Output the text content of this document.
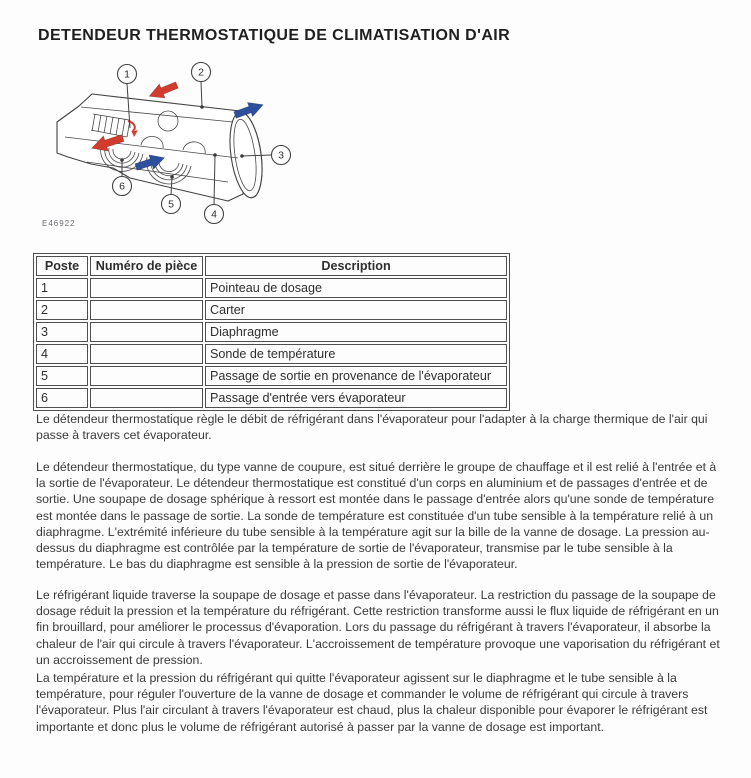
DETENDEUR THERMOSTATIQUE DE CLIMATISATION D'AIR
1	2
3
4
5
6
E46922
Poste	Numéro de pièce	Description
1		Pointeau de dosage
2		Carter
3		Diaphragme
4		Sonde de température
5		Passage de sortie en provenance de l'évaporateur
6		Passage d'entrée vers évaporateur

Le détendeur thermostatique règle le débit de réfrigérant dans l'évaporateur pour l'adapter à la charge thermique de l'air qui passe à travers cet évaporateur.

Le détendeur thermostatique, du type vanne de coupure, est situé derrière le groupe de chauffage et il est relié à l'entrée et à la sortie de l'évaporateur. Le détendeur thermostatique est constitué d'un corps en aluminium et de passages d'entrée et de sortie. Une soupape de dosage sphérique à ressort est montée dans le passage d'entrée alors qu'une sonde de température est montée dans le passage de sortie. La sonde de température est constituée d'un tube sensible à la température relié à un diaphragme. L'extrémité inférieure du tube sensible à la température agit sur la bille de la vanne de dosage. La pression au-dessus du diaphragme est contrôlée par la température de sortie de l'évaporateur, transmise par le tube sensible à la température. Le bas du diaphragme est sensible à la pression de sortie de l'évaporateur.

Le réfrigérant liquide traverse la soupape de dosage et passe dans l'évaporateur. La restriction du passage de la soupape de dosage réduit la pression et la température du réfrigérant. Cette restriction transforme aussi le flux liquide de réfrigérant en un fin brouillard, pour améliorer le processus d'évaporation. Lors du passage du réfrigérant à travers l'évaporateur, il absorbe la chaleur de l'air qui circule à travers l'évaporateur. L'accroissement de température provoque une vaporisation du réfrigérant et un accroissement de pression.

La température et la pression du réfrigérant qui quitte l'évaporateur agissent sur le diaphragme et le tube sensible à la température, pour réguler l'ouverture de la vanne de dosage et commander le volume de réfrigérant qui circule à travers l'évaporateur. Plus l'air circulant à travers l'évaporateur est chaud, plus la chaleur disponible pour évaporer le réfrigérant est importante et donc plus le volume de réfrigérant autorisé à passer par la vanne de dosage est important.
